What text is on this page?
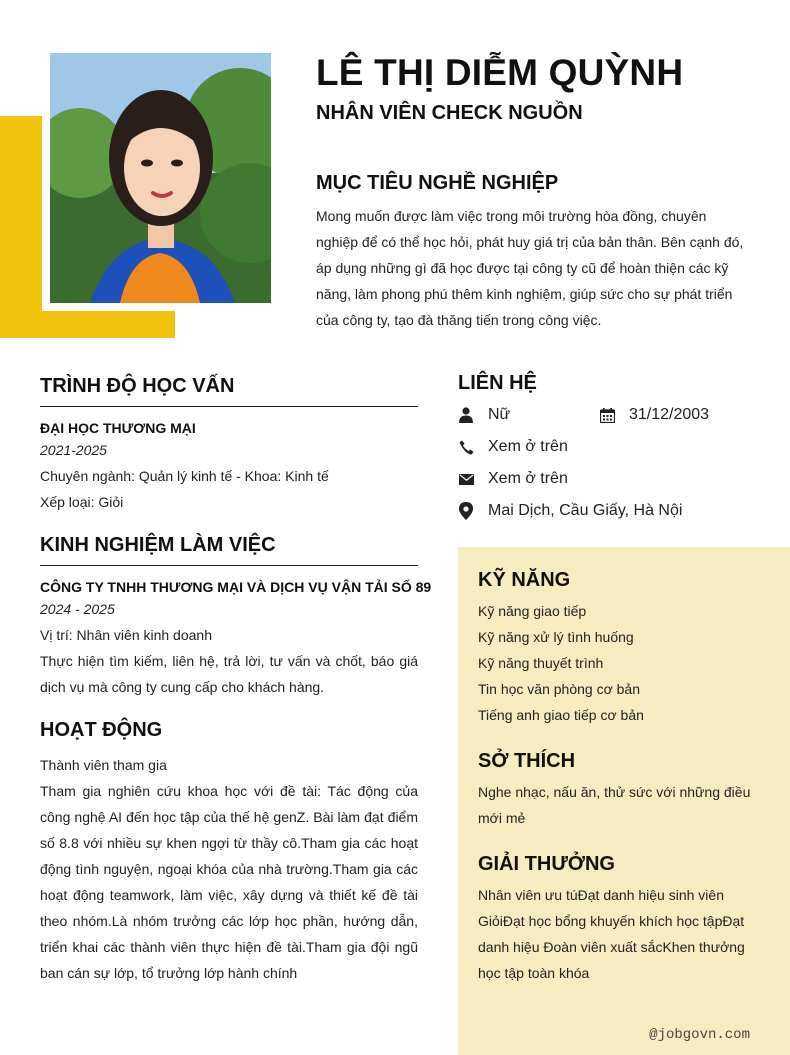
LÊ THỊ DIỄM QUỲNH
NHÂN VIÊN CHECK NGUỒN
MỤC TIÊU NGHỀ NGHIỆP
Mong muốn được làm việc trong môi trường hòa đồng, chuyên nghiệp để có thể học hỏi, phát huy giá trị của bản thân. Bên cạnh đó, áp dụng những gì đã học được tại công ty cũ để hoàn thiện các kỹ năng, làm phong phú thêm kinh nghiệm, giúp sức cho sự phát triển của công ty, tạo đà thăng tiến trong công việc.
TRÌNH ĐỘ HỌC VẤN
ĐẠI HỌC THƯƠNG MẠI
2021-2025
Chuyên ngành: Quản lý kinh tế - Khoa: Kinh tế
Xếp loại: Giỏi
KINH NGHIỆM LÀM VIỆC
CÔNG TY TNHH THƯƠNG MẠI VÀ DỊCH VỤ VẬN TẢI SỐ 89
2024 - 2025
Vị trí: Nhân viên kinh doanh
Thực hiện tìm kiếm, liên hệ, trả lời, tư vấn và chốt, báo giá dịch vụ mà công ty cung cấp cho khách hàng.
HOẠT ĐỘNG
Thành viên tham gia
Tham gia nghiên cứu khoa học với đề tài: Tác động của công nghệ AI đến học tập của thế hệ genZ. Bài làm đạt điểm số 8.8 với nhiều sự khen ngợi từ thầy cô.Tham gia các hoạt động tình nguyện, ngoại khóa của nhà trường.Tham gia các hoạt động teamwork, làm việc, xây dựng và thiết kế đề tài theo nhóm.Là nhóm trưởng các lớp học phần, hướng dẫn, triển khai các thành viên thực hiện đề tài.Tham gia đội ngũ ban cán sự lớp, tổ trưởng lớp hành chính
LIÊN HỆ
Nữ	31/12/2003
Xem ở trên
Xem ở trên
Mai Dịch, Cầu Giấy, Hà Nội
KỸ NĂNG
Kỹ năng giao tiếp
Kỹ năng xử lý tình huống
Kỹ năng thuyết trình
Tin học văn phòng cơ bản
Tiếng anh giao tiếp cơ bản
SỞ THÍCH
Nghe nhạc, nấu ăn, thử sức với những điều mới mẻ
GIẢI THƯỞNG
Nhân viên ưu túĐạt danh hiệu sinh viên GiỏiĐạt học bổng khuyến khích học tậpĐạt danh hiệu Đoàn viên xuất sắcKhen thưởng học tập toàn khóa
@jobgovn.com
